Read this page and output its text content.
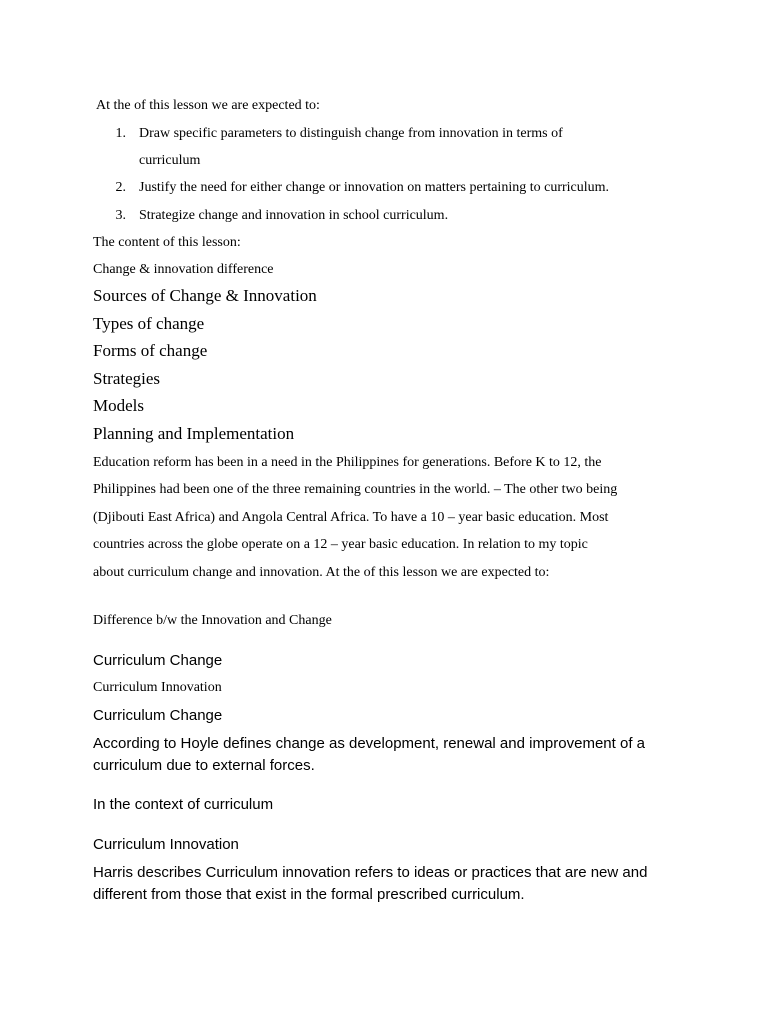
At the of this lesson we are expected to:
1. Draw specific parameters to distinguish change from innovation in terms of
curriculum
2. Justify the need for either change or innovation on matters pertaining to curriculum.
3. Strategize change and innovation in school curriculum.
The content of this lesson:
Change & innovation difference
Sources of Change & Innovation
Types of change
Forms of change
Strategies
Models
Planning and Implementation
Education reform has been in a need in the Philippines for generations. Before K to 12, the
Philippines had been one of the three remaining countries in the world. – The other two being
(Djibouti East Africa) and Angola Central Africa. To have a 10 – year basic education. Most
countries across the globe operate on a 12 – year basic education. In relation to my topic
about curriculum change and innovation. At the of this lesson we are expected to:
Difference b/w the Innovation and Change
Curriculum Change
Curriculum Innovation
Curriculum Change
According to Hoyle defines change as development, renewal and improvement of a
curriculum due to external forces.
In the context of curriculum
Curriculum Innovation
Harris describes Curriculum innovation refers to ideas or practices that are new and
different from those that exist in the formal prescribed curriculum.
